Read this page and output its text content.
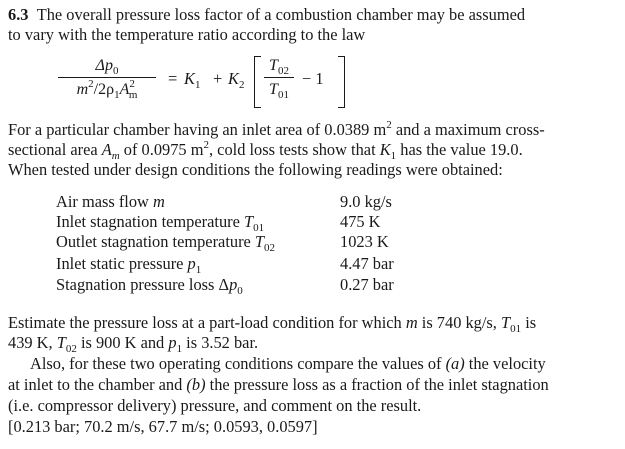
6.3 The overall pressure loss factor of a combustion chamber may be assumed
to vary with the temperature ratio according to the law
$\Delta p_0$
$m^2/2\rho_1A^2_m$
= $K_1 + K_2$
$T_{02}$
$T_{01}$
− 1
For a particular chamber having an inlet area of 0.0389 $m^2$ and a maximum cross-
sectional area $A_m$ of 0.0975 $m^2$, cold loss tests show that $K_1$ has the value 19.0.
When tested under design conditions the following readings were obtained:
Air mass flow m	9.0 kg/s
Inlet stagnation temperature $T_{01}$	475 K
Outlet stagnation temperature $T_{02}$	1023 K
Inlet static pressure $p_1$	4.47 bar
Stagnation pressure loss $\Delta p_0$	0.27 bar
Estimate the pressure loss at a part-load condition for which m is 740 kg/s, $T_{01}$ is
439 K, $T_{02}$ is 900 K and $p_1$ is 3.52 bar.
Also, for these two operating conditions compare the values of (a) the velocity
at inlet to the chamber and (b) the pressure loss as a fraction of the inlet stagnation
(i.e. compressor delivery) pressure, and comment on the result.
[0.213 bar; 70.2 m/s, 67.7 m/s; 0.0593, 0.0597]
